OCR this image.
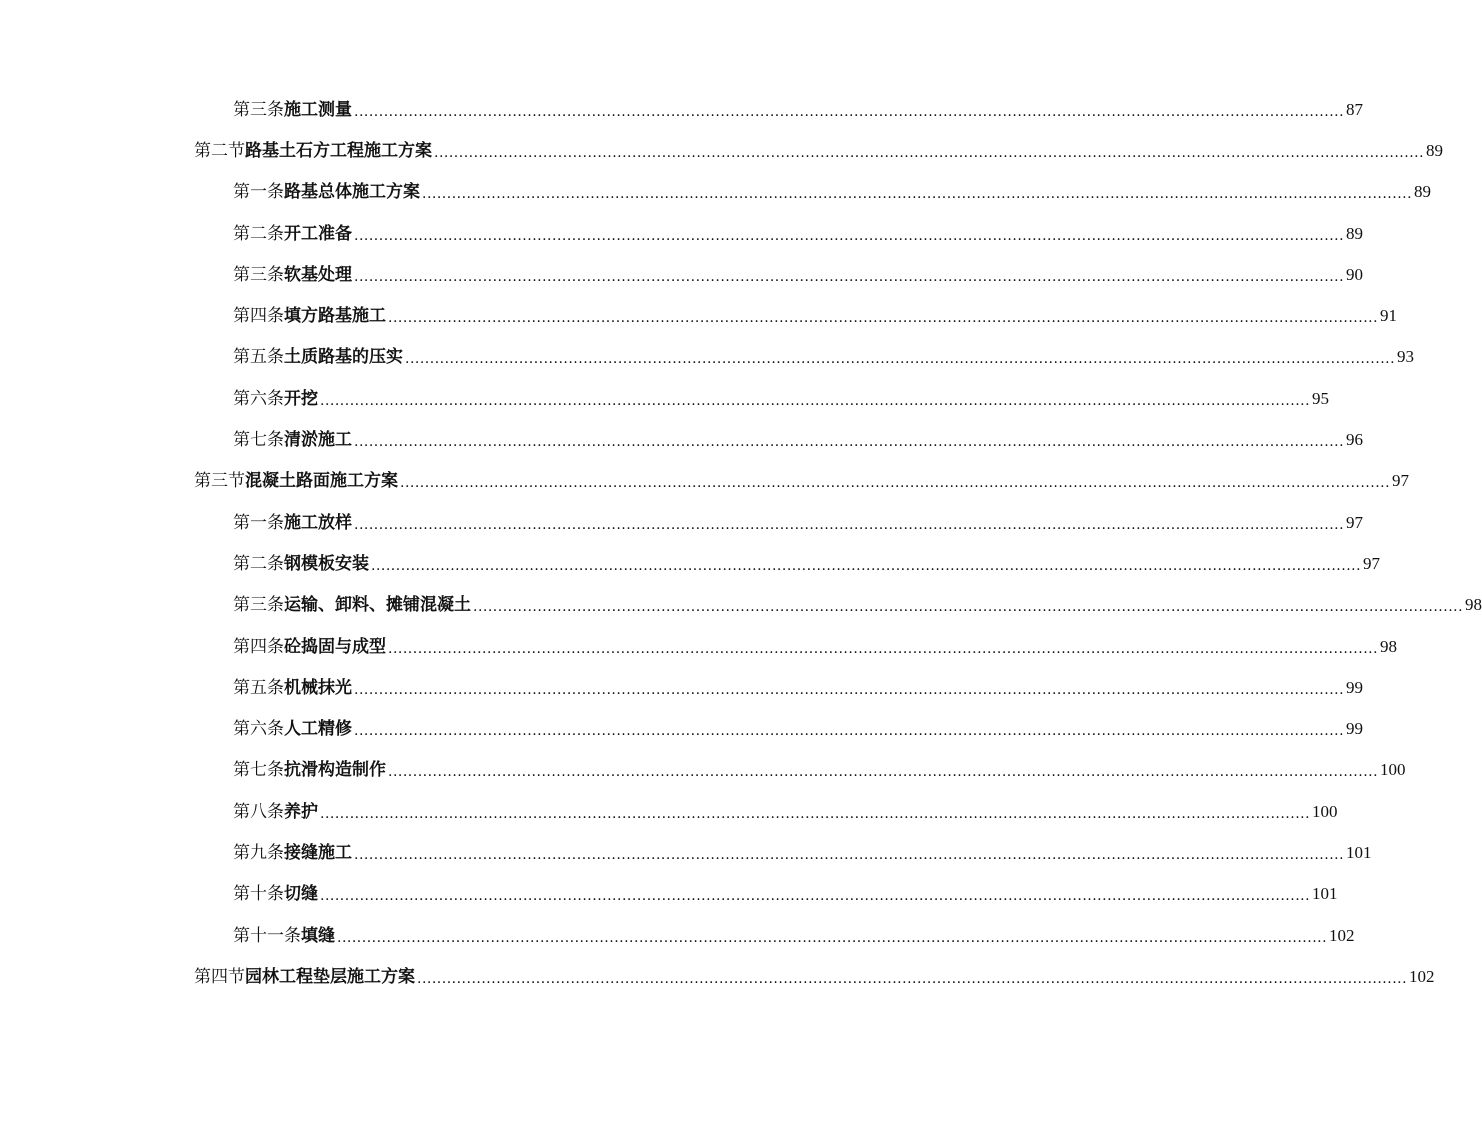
第三条 施工测量 ........................................................................................................................................................................................................ 87
第二节 路基土石方工程施工方案 ........................................................................................................................................................................................................ 89
第一条 路基总体施工方案 ........................................................................................................................................................................................................ 89
第二条 开工准备 ........................................................................................................................................................................................................ 89
第三条 软基处理 ........................................................................................................................................................................................................ 90
第四条 填方路基施工 ........................................................................................................................................................................................................ 91
第五条 土质路基的压实 ........................................................................................................................................................................................................ 93
第六条 开挖 ........................................................................................................................................................................................................ 95
第七条 清淤施工 ........................................................................................................................................................................................................ 96
第三节 混凝土路面施工方案 ........................................................................................................................................................................................................ 97
第一条 施工放样 ........................................................................................................................................................................................................ 97
第二条 钢模板安装 ........................................................................................................................................................................................................ 97
第三条 运输、卸料、摊铺混凝土 ........................................................................................................................................................................................................ 98
第四条 砼捣固与成型 ........................................................................................................................................................................................................ 98
第五条 机械抹光 ........................................................................................................................................................................................................ 99
第六条 人工精修 ........................................................................................................................................................................................................ 99
第七条 抗滑构造制作 ........................................................................................................................................................................................................ 100
第八条 养护 ........................................................................................................................................................................................................ 100
第九条 接缝施工 ........................................................................................................................................................................................................ 101
第十条 切缝 ........................................................................................................................................................................................................ 101
第十一条 填缝 ........................................................................................................................................................................................................ 102
第四节 园林工程垫层施工方案 ........................................................................................................................................................................................................ 102
